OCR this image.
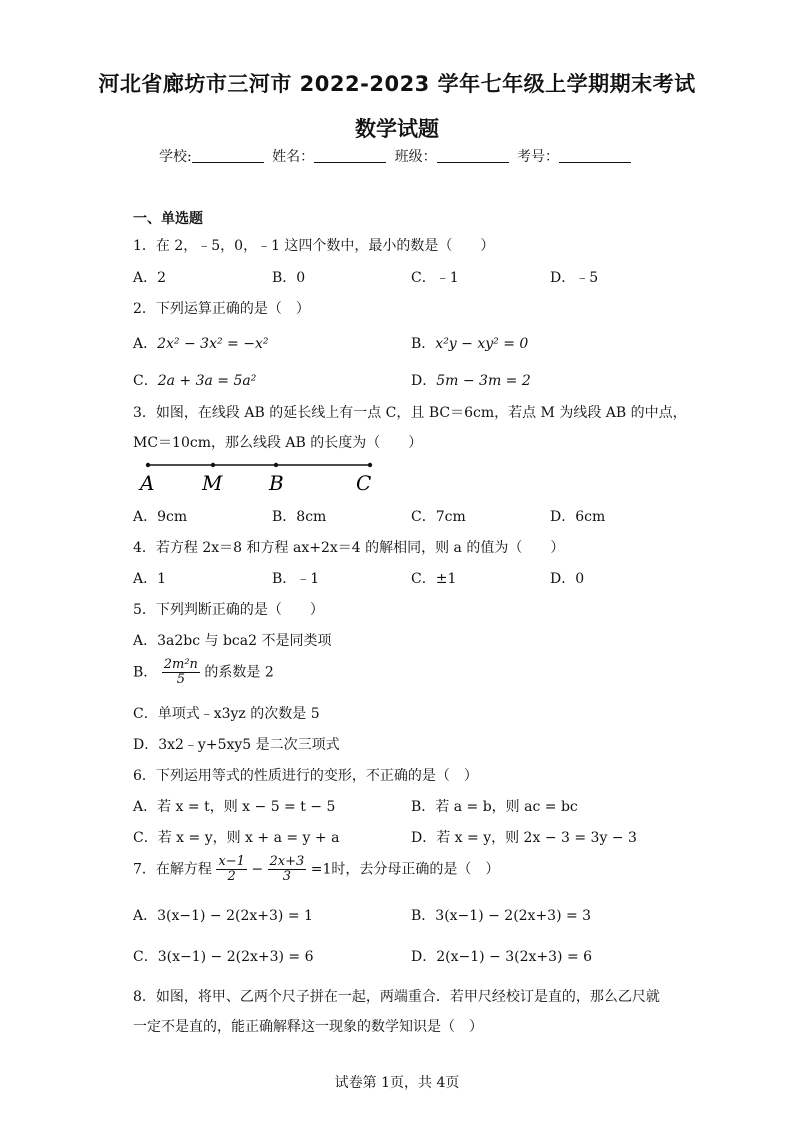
河北省廊坊市三河市 2022-2023 学年七年级上学期期末考试
数学试题
学校:	姓名：	班级：	考号：
一、单选题
1．在 2，﹣5，0，﹣1 这四个数中，最小的数是（　　）
A．2	B．0	C．﹣1	D．﹣5
2．下列运算正确的是（　）
A．2x² − 3x² = −x²	B．x²y − xy² = 0
C．2a + 3a = 5a²	D．5m − 3m = 2
3．如图，在线段 AB 的延长线上有一点 C，且 BC＝6cm，若点 M 为线段 AB 的中点，
MC＝10cm，那么线段 AB 的长度为（　　）
A M B	C
A．9cm	B．8cm	C．7cm	D．6cm
4．若方程 2x＝8 和方程 ax+2x＝4 的解相同，则 a 的值为（　　）
A．1	B．﹣1	C．±1	D．0
5．下列判断正确的是（　　）
A．3a2bc 与 bca2 不是同类项
B． $\frac{\text{2m²n}}{5}$ 的系数是 2
C．单项式﹣x3yz 的次数是 5
D．3x2﹣y+5xy5 是二次三项式
6．下列运用等式的性质进行的变形，不正确的是（　）
A．若 x = t，则 x − 5 = t − 5	B．若 a = b，则 ac = bc
C．若 x = y，则 x + a = y + a	D．若 x = y，则 2x − 3 = 3y − 3
7．在解方程 $\frac{x-1}{2} - \frac{2x+3}{3} =1$时，去分母正确的是（　）
A．3(x−1) − 2(2x+3) = 1	B．3(x−1) − 2(2x+3) = 3
C．3(x−1) − 2(2x+3) = 6	D．2(x−1) − 3(2x+3) = 6
8．如图，将甲、乙两个尺子拼在一起，两端重合．若甲尺经校订是直的，那么乙尺就
一定不是直的，能正确解释这一现象的数学知识是（　）
试卷第 1页，共 4页
